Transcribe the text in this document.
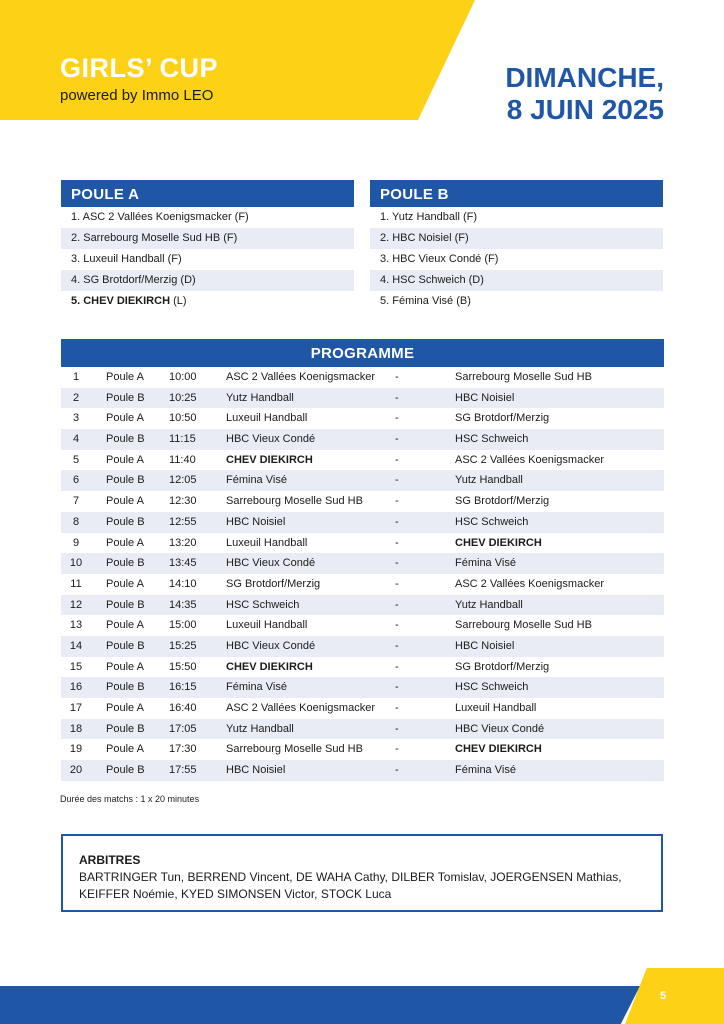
GIRLS’ CUP
powered by Immo LEO
DIMANCHE,
8 JUIN 2025
POULE A
1. ASC 2 Vallées Koenigsmacker (F)
2. Sarrebourg Moselle Sud HB (F)
3. Luxeuil Handball (F)
4. SG Brotdorf/Merzig (D)
5. CHEV DIEKIRCH (L)
POULE B
1. Yutz Handball (F)
2. HBC Noisiel (F)
3. HBC Vieux Condé (F)
4. HSC Schweich (D)
5. Fémina Visé (B)
PROGRAMME
1	Poule A 10:00	ASC 2 Vallées Koenigsmacker -	Sarrebourg Moselle Sud HB
2	Poule B 10:25	Yutz Handball	-	HBC Noisiel
3	Poule A 10:50	Luxeuil Handball	-	SG Brotdorf/Merzig
4	Poule B 11:15	HBC Vieux Condé	-	HSC Schweich
5	Poule A 11:40	CHEV DIEKIRCH	-	ASC 2 Vallées Koenigsmacker
6	Poule B 12:05	Fémina Visé	-	Yutz Handball
7	Poule A 12:30	Sarrebourg Moselle Sud HB	-	SG Brotdorf/Merzig
8	Poule B 12:55	HBC Noisiel	-	HSC Schweich
9	Poule A 13:20	Luxeuil Handball	-	CHEV DIEKIRCH
10	Poule B 13:45	HBC Vieux Condé	-	Fémina Visé
11	Poule A 14:10	SG Brotdorf/Merzig	-	ASC 2 Vallées Koenigsmacker
12	Poule B 14:35	HSC Schweich	-	Yutz Handball
13	Poule A 15:00	Luxeuil Handball	-	Sarrebourg Moselle Sud HB
14	Poule B 15:25	HBC Vieux Condé	-	HBC Noisiel
15	Poule A 15:50	CHEV DIEKIRCH	-	SG Brotdorf/Merzig
16	Poule B 16:15	Fémina Visé	-	HSC Schweich
17	Poule A 16:40	ASC 2 Vallées Koenigsmacker -	Luxeuil Handball
18	Poule B 17:05	Yutz Handball	-	HBC Vieux Condé
19	Poule A 17:30	Sarrebourg Moselle Sud HB	-	CHEV DIEKIRCH
20	Poule B 17:55	HBC Noisiel	-	Fémina Visé
Durée des matchs : 1 x 20 minutes
ARBITRES
BARTRINGER Tun, BERREND Vincent, DE WAHA Cathy, DILBER Tomislav, JOERGENSEN Mathias,
KEIFFER Noémie, KYED SIMONSEN Victor, STOCK Luca
5
